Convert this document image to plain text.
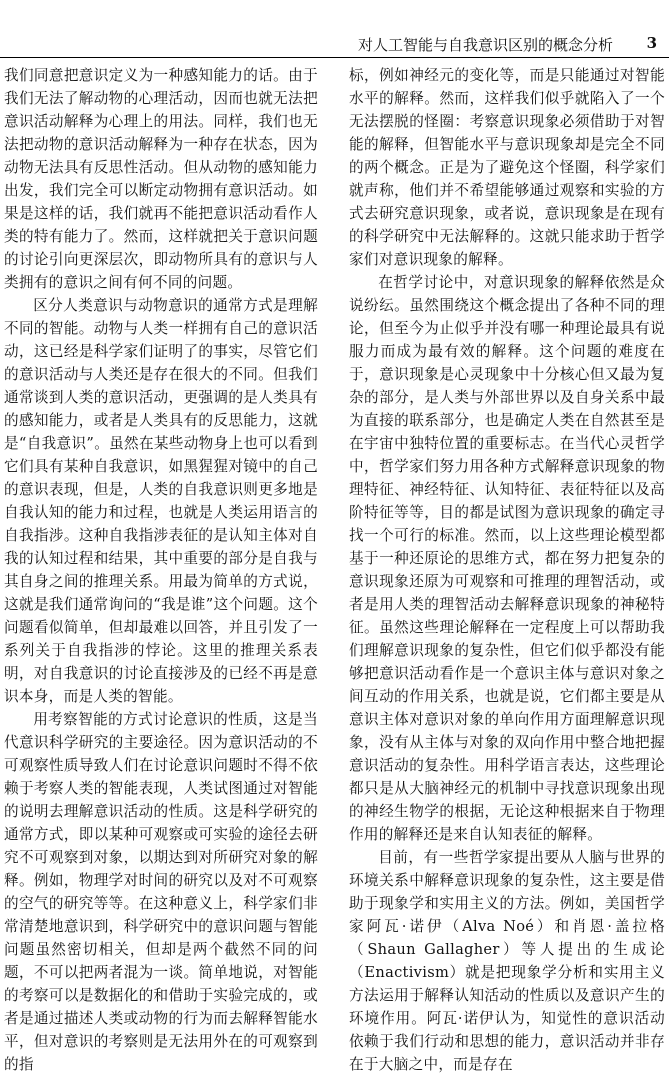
对人工智能与自我意识区别的概念分析 3

我们同意把意识定义为一种感知能力的话。由于我们无法了解动物的心理活动，因而也就无法把意识活动解释为心理上的用法。同样，我们也无法把动物的意识活动解释为一种存在状态，因为动物无法具有反思性活动。但从动物的感知能力出发，我们完全可以断定动物拥有意识活动。如果是这样的话，我们就再不能把意识活动看作人类的特有能力了。然而，这样就把关于意识问题的讨论引向更深层次，即动物所具有的意识与人类拥有的意识之间有何不同的问题。

区分人类意识与动物意识的通常方式是理解不同的智能。动物与人类一样拥有自己的意识活动，这已经是科学家们证明了的事实，尽管它们的意识活动与人类还是存在很大的不同。但我们通常谈到人类的意识活动，更强调的是人类具有的感知能力，或者是人类具有的反思能力，这就是“自我意识”。虽然在某些动物身上也可以看到它们具有某种自我意识，如黑猩猩对镜中的自己的意识表现，但是，人类的自我意识则更多地是自我认知的能力和过程，也就是人类运用语言的自我指涉。这种自我指涉表征的是认知主体对自我的认知过程和结果，其中重要的部分是自我与其自身之间的推理关系。用最为简单的方式说，这就是我们通常询问的“我是谁”这个问题。这个问题看似简单，但却最难以回答，并且引发了一系列关于自我指涉的悖论。这里的推理关系表明，对自我意识的讨论直接涉及的已经不再是意识本身，而是人类的智能。

用考察智能的方式讨论意识的性质，这是当代意识科学研究的主要途径。因为意识活动的不可观察性质导致人们在讨论意识问题时不得不依赖于考察人类的智能表现，人类试图通过对智能的说明去理解意识活动的性质。这是科学研究的通常方式，即以某种可观察或可实验的途径去研究不可观察到对象，以期达到对所研究对象的解释。例如，物理学对时间的研究以及对不可观察的空气的研究等等。在这种意义上，科学家们非常清楚地意识到，科学研究中的意识问题与智能问题虽然密切相关，但却是两个截然不同的问题，不可以把两者混为一谈。简单地说，对智能的考察可以是数据化的和借助于实验完成的，或者是通过描述人类或动物的行为而去解释智能水平，但对意识的考察则是无法用外在的可观察到的指

标，例如神经元的变化等，而是只能通过对智能水平的解释。然而，这样我们似乎就陷入了一个无法摆脱的怪圈：考察意识现象必须借助于对智能的解释，但智能水平与意识现象却是完全不同的两个概念。正是为了避免这个怪圈，科学家们就声称，他们并不希望能够通过观察和实验的方式去研究意识现象，或者说，意识现象是在现有的科学研究中无法解释的。这就只能求助于哲学家们对意识现象的解释。

在哲学讨论中，对意识现象的解释依然是众说纷纭。虽然围绕这个概念提出了各种不同的理论，但至今为止似乎并没有哪一种理论最具有说服力而成为最有效的解释。这个问题的难度在于，意识现象是心灵现象中十分核心但又最为复杂的部分，是人类与外部世界以及自身关系中最为直接的联系部分，也是确定人类在自然甚至是在宇宙中独特位置的重要标志。在当代心灵哲学中，哲学家们努力用各种方式解释意识现象的物理特征、神经特征、认知特征、表征特征以及高阶特征等等，目的都是试图为意识现象的确定寻找一个可行的标准。然而，以上这些理论模型都基于一种还原论的思维方式，都在努力把复杂的意识现象还原为可观察和可推理的理智活动，或者是用人类的理智活动去解释意识现象的神秘特征。虽然这些理论解释在一定程度上可以帮助我们理解意识现象的复杂性，但它们似乎都没有能够把意识活动看作是一个意识主体与意识对象之间互动的作用关系，也就是说，它们都主要是从意识主体对意识对象的单向作用方面理解意识现象，没有从主体与对象的双向作用中整合地把握意识活动的复杂性。用科学语言表达，这些理论都只是从大脑神经元的机制中寻找意识现象出现的神经生物学的根据，无论这种根据来自于物理作用的解释还是来自认知表征的解释。

目前，有一些哲学家提出要从人脑与世界的环境关系中解释意识现象的复杂性，这主要是借助于现象学和实用主义的方法。例如，美国哲学家阿瓦·诺伊（Alva Noé）和肖恩·盖拉格（Shaun Gallagher）等人提出的生成论（Enactivism）就是把现象学分析和实用主义方法运用于解释认知活动的性质以及意识产生的环境作用。阿瓦·诺伊认为，知觉性的意识活动依赖于我们行动和思想的能力，意识活动并非存在于大脑之中，而是存在
